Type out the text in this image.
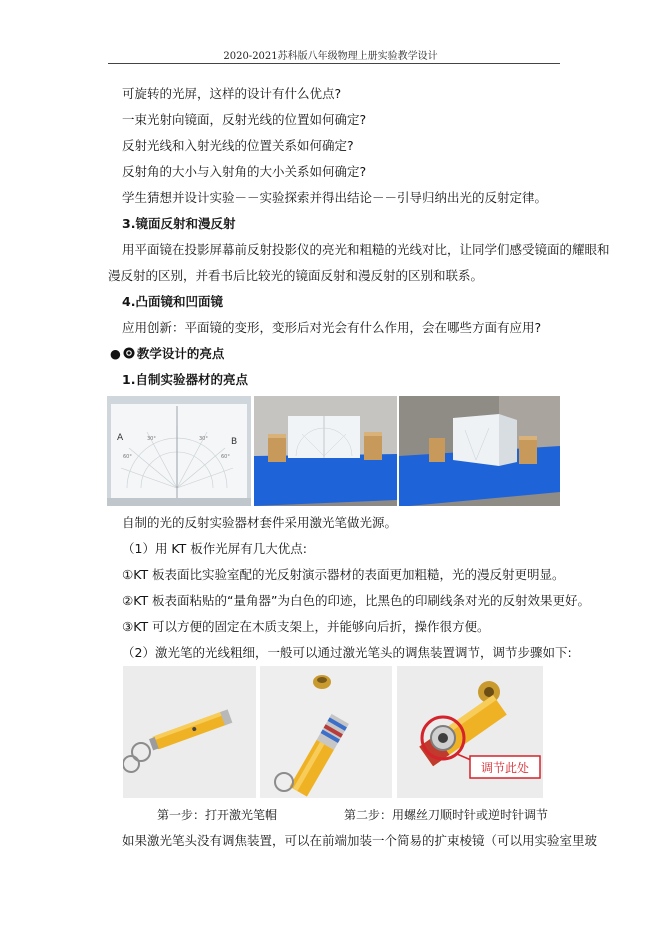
2020-2021苏科版八年级物理上册实验教学设计
可旋转的光屏，这样的设计有什么优点?
一束光射向镜面，反射光线的位置如何确定?
反射光线和入射光线的位置关系如何确定?
反射角的大小与入射角的大小关系如何确定?
学生猜想并设计实验－－实验探索并得出结论－－引导归纳出光的反射定律。
3.镜面反射和漫反射
用平面镜在投影屏幕前反射投影仪的亮光和粗糙的光线对比，让同学们感受镜面的耀眼和
漫反射的区别，并看书后比较光的镜面反射和漫反射的区别和联系。
4.凸面镜和凹面镜
应用创新：平面镜的变形，变形后对光会有什么作用，会在哪些方面有应用?
● 教学设计的亮点
1.自制实验器材的亮点
A	B
30°	30°
60°	60°
自制的光的反射实验器材套件采用激光笔做光源。
（1）用 KT 板作光屏有几大优点:
①KT 板表面比实验室配的光反射演示器材的表面更加粗糙，光的漫反射更明显。
②KT 板表面粘贴的“量角器”为白色的印迹，比黑色的印刷线条对光的反射效果更好。
③KT 可以方便的固定在木质支架上，并能够向后折，操作很方便。
（2）激光笔的光线粗细，一般可以通过激光笔头的调焦装置调节，调节步骤如下:
调节此处
第一步：打开激光笔帽	第二步：用螺丝刀顺时针或逆时针调节
如果激光笔头没有调焦装置，可以在前端加装一个简易的扩束棱镜（可以用实验室里玻
